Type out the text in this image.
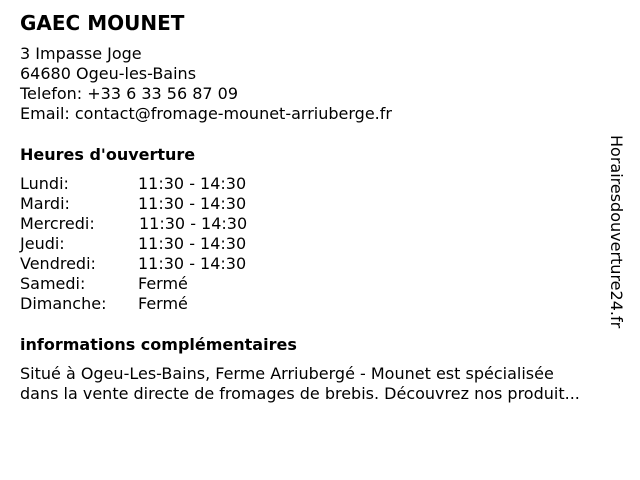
GAEC MOUNET
3 Impasse Joge
64680 Ogeu-les-Bains
Telefon: +33 6 33 56 87 09
Email: contact@fromage-mounet-arriuberge.fr
Heures d'ouverture
Lundi:	11:30 - 14:30
Mardi:	11:30 - 14:30
Mercredi:	11:30 - 14:30
Jeudi:	11:30 - 14:30
Vendredi:	11:30 - 14:30
Samedi:	Fermé
Dimanche:	Fermé
informations complémentaires
Situé à Ogeu-Les-Bains, Ferme Arriubergé - Mounet est spécialisée
dans la vente directe de fromages de brebis. Découvrez nos produit...
Horairesdouverture24.fr
